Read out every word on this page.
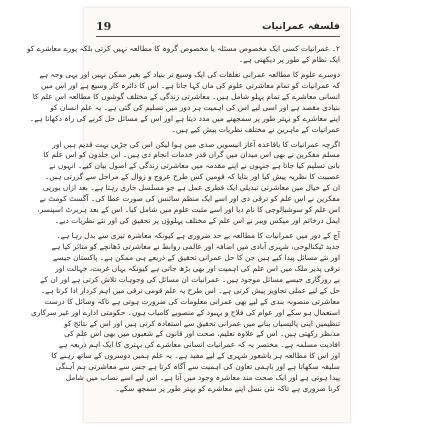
19	فلسفہ عمرانیات
۲۔ عمرانیات کسی ایک مخصوص مسئلہ یا مخصوص گروہ کا مطالعہ نہیں کرتی بلکہ پورے معاشرے کو
ایک نظام کے طور پر دیکھتی ہے۔
دوسرے علوم کا مطالعہ عمرانی تعلقات کی ایک وسیع تر بنیاد کے بغیر ممکن نہیں اور یہی وجہ ہے
کہ عمرانیات کو تمام معاشرتی علوم کی ماں کہا جاتا ہے۔ اس کا دائرہ کار وسیع ہے اور اس میں
انسانی معاشرے کے تمام پہلو شامل ہیں۔ معاشرتی زندگی کے مختلف گوشوں کا مطالعہ اس علم کا
بنیادی مقصد ہے اور اسی لیے اس کی اہمیت ہر دور میں تسلیم کی گئی ہے۔ یہ علم انسان کو
اپنے معاشرے کو بہتر طور پر سمجھنے میں مدد دیتا ہے اور اس کے مسائل حل کرنے کی راہ دکھاتا ہے۔
عمرانیات کے ماہرین نے مختلف نظریات پیش کیے ہیں۔
اگرچہ عمرانیات کا باقاعدہ آغاز انیسویں صدی میں ہوا لیکن اس کی جڑیں بہت قدیم ہیں اور
مسلم مفکرین نے بھی اس میدان میں گراں قدر خدمات انجام دی ہیں۔ ابن خلدون کو اس علم کا
بانی تسلیم کیا جاتا ہے جنہوں نے اپنے مقدمہ میں معاشرتی زندگی کے اصول بیان کیے۔ انہوں نے
عصبیت کا نظریہ پیش کیا اور بتایا کہ قومیں کس طرح عروج و زوال کے مراحل سے گزرتی ہیں۔
ان کے خیال میں معاشرتی تبدیلی ایک فطری عمل ہے جو مسلسل جاری رہتا ہے۔ بعد ازاں یورپی
مفکرین نے اس علم کو ترقی دی اور اسے ایک منظم سائنس کی صورت عطا کی۔ آگسٹ کومٹ نے
اس علم کو سوشیالوجی کا نام دیا اور اسے مثبت علوم میں شامل کیا۔ اس کے بعد ہربرٹ اسپنسر،
ایمل درخائم اور میکس ویبر نے اس علم کے مختلف پہلوؤں پر تحقیق کی اور نئے نظریات دیے۔
آج کے دور میں عمرانیات کا مطالعہ بے حد ضروری ہے کیونکہ معاشرہ تیزی سے بدل رہا ہے۔
جدید ٹیکنالوجی، شہری آبادی میں اضافہ اور عالمی روابط نے معاشرتی ڈھانچے کو متاثر کیا ہے
اور نئے مسائل پیدا کیے ہیں جن کا حل عمرانی تحقیق کے ذریعے ہی ممکن ہے۔ پاکستان جیسے
ترقی پذیر ملک میں اس علم کی اہمیت اور بھی بڑھ جاتی ہے کیونکہ یہاں غربت، جہالت اور
بے روزگاری جیسے مسائل موجود ہیں۔ عمرانیات ان مسائل کی وجوہات تلاش کرتی ہے اور ان کے
حل کے لیے عملی تجاویز پیش کرتی ہے۔ اس طرح یہ علم قومی ترقی میں اہم کردار ادا کرتا ہے۔
معاشرتی منصوبہ بندی کے لیے بھی عمرانی معلومات کی ضرورت ہوتی ہے تاکہ وسائل کا درست
استعمال ہو سکے اور عوام کی فلاح و بہبود کے منصوبے کامیاب ہوں۔ حکومتی ادارے اور غیر سرکاری
تنظیمیں اپنی پالیسیاں بنانے میں عمرانی تحقیق سے استفادہ کرتی ہیں اور اس کے نتائج کو
مدنظر رکھتی ہیں۔ اس کے علاوہ تعلیم، صحت اور قانون کے شعبوں میں بھی اس علم کی
افادیت مسلمہ ہے۔ مختصر یہ کہ عمرانیات انسانی معاشرے کی بہتری کا ایک اہم ذریعہ ہے
اور اس کا مطالعہ ہر باشعور شہری کے لیے مفید ہے۔ یہ علم ہمیں دوسروں کے ساتھ رہنے کا
سلیقہ سکھاتا ہے اور باہمی تعاون کی اہمیت سے آگاہ کرتا ہے جس سے معاشرتی ہم آہنگی
پیدا ہوتی ہے اور ایک صحت مند معاشرہ وجود میں آتا ہے۔ اس لیے اسے نصاب میں شامل
کرنا ضروری ہے تاکہ نئی نسل اپنے معاشرے کو بہتر طور پر سمجھ سکے۔
